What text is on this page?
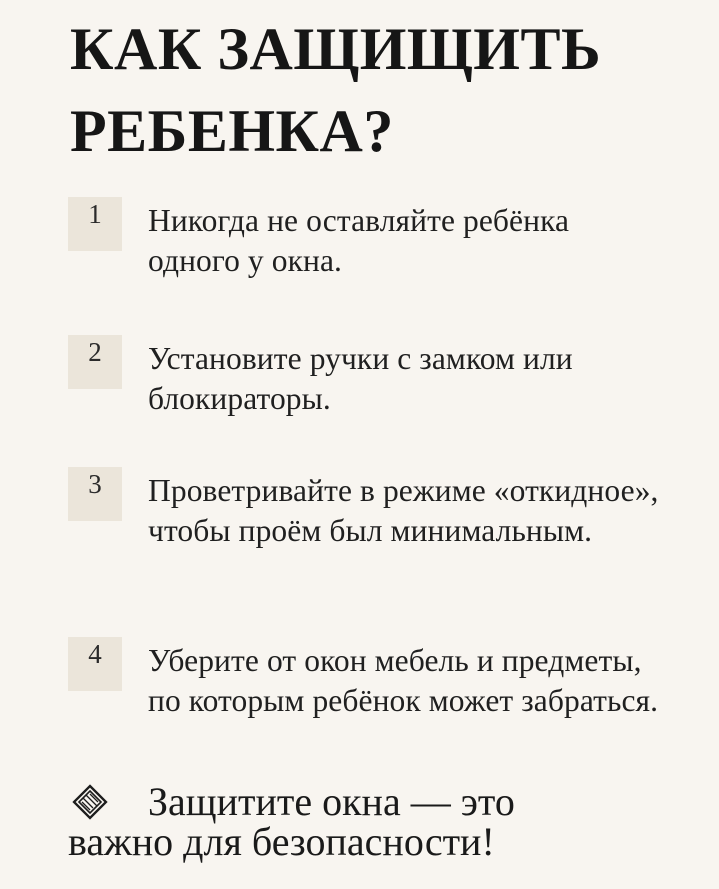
КАК ЗАЩИЩИТЬ
РЕБЕНКА?
1	Никогда не оставляйте ребёнка одного у окна.

2	Установите ручки с замком или блокираторы.

3	Проветривайте в режиме «откидное», чтобы проём был минимальным.

4	Уберите от окон мебель и предметы, по которым ребёнок может забраться.

Защитите окна — это
важно для безопасности!
